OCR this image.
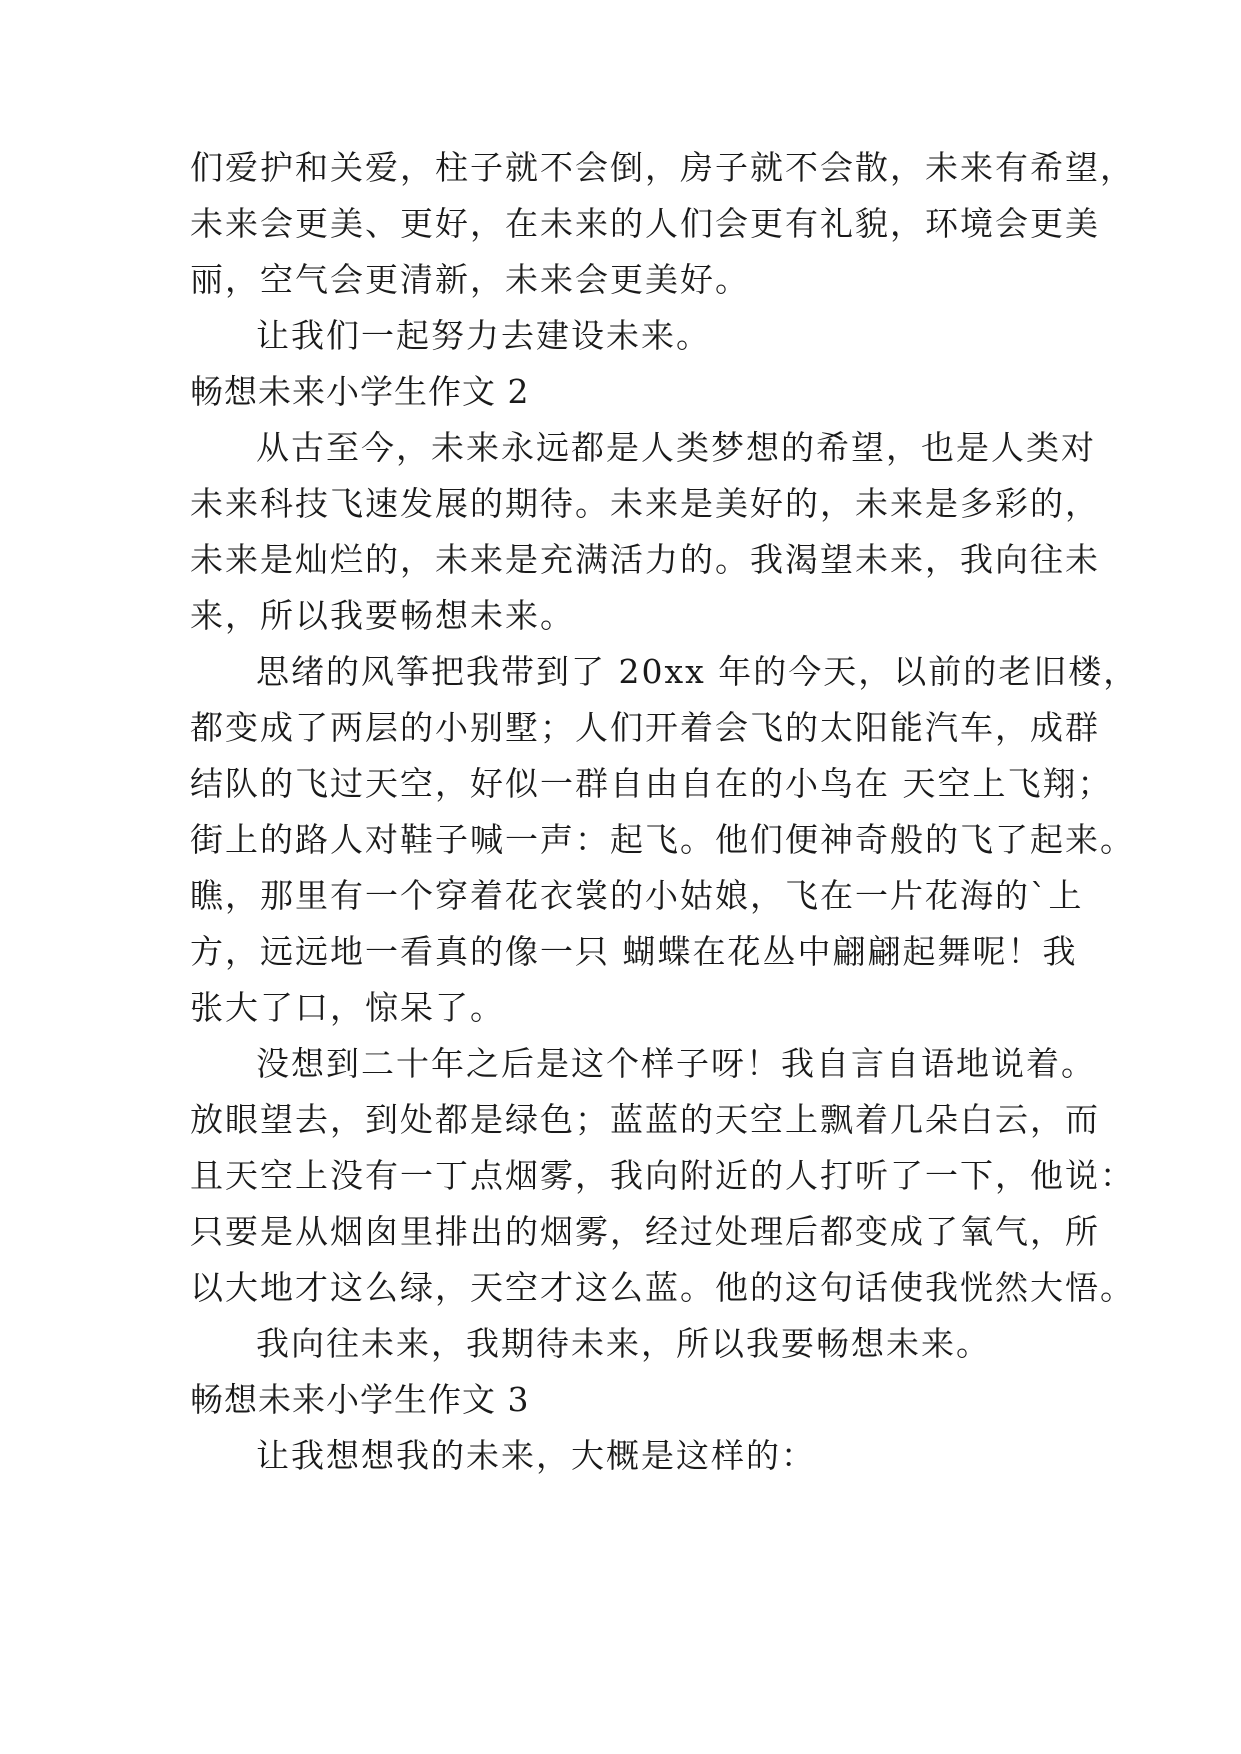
们爱护和关爱，柱子就不会倒，房子就不会散，未来有希望，
未来会更美、更好，在未来的人们会更有礼貌，环境会更美
丽，空气会更清新，未来会更美好。
让我们一起努力去建设未来。
畅想未来小学生作文 2
从古至今，未来永远都是人类梦想的希望，也是人类对
未来科技飞速发展的期待。未来是美好的，未来是多彩的，
未来是灿烂的，未来是充满活力的。我渴望未来，我向往未
来，所以我要畅想未来。
思绪的风筝把我带到了 20xx 年的今天，以前的老旧楼，
都变成了两层的小别墅；人们开着会飞的太阳能汽车，成群
结队的飞过天空，好似一群自由自在的小鸟在 天空上飞翔；
街上的路人对鞋子喊一声：起飞。他们便神奇般的飞了起来。
瞧，那里有一个穿着花衣裳的小姑娘，飞在一片花海的`上
方，远远地一看真的像一只 蝴蝶在花丛中翩翩起舞呢！我
张大了口，惊呆了。
没想到二十年之后是这个样子呀！我自言自语地说着。
放眼望去，到处都是绿色；蓝蓝的天空上飘着几朵白云，而
且天空上没有一丁点烟雾，我向附近的人打听了一下，他说：
只要是从烟囱里排出的烟雾，经过处理后都变成了氧气，所
以大地才这么绿，天空才这么蓝。他的这句话使我恍然大悟。
我向往未来，我期待未来，所以我要畅想未来。
畅想未来小学生作文 3
让我想想我的未来，大概是这样的：
